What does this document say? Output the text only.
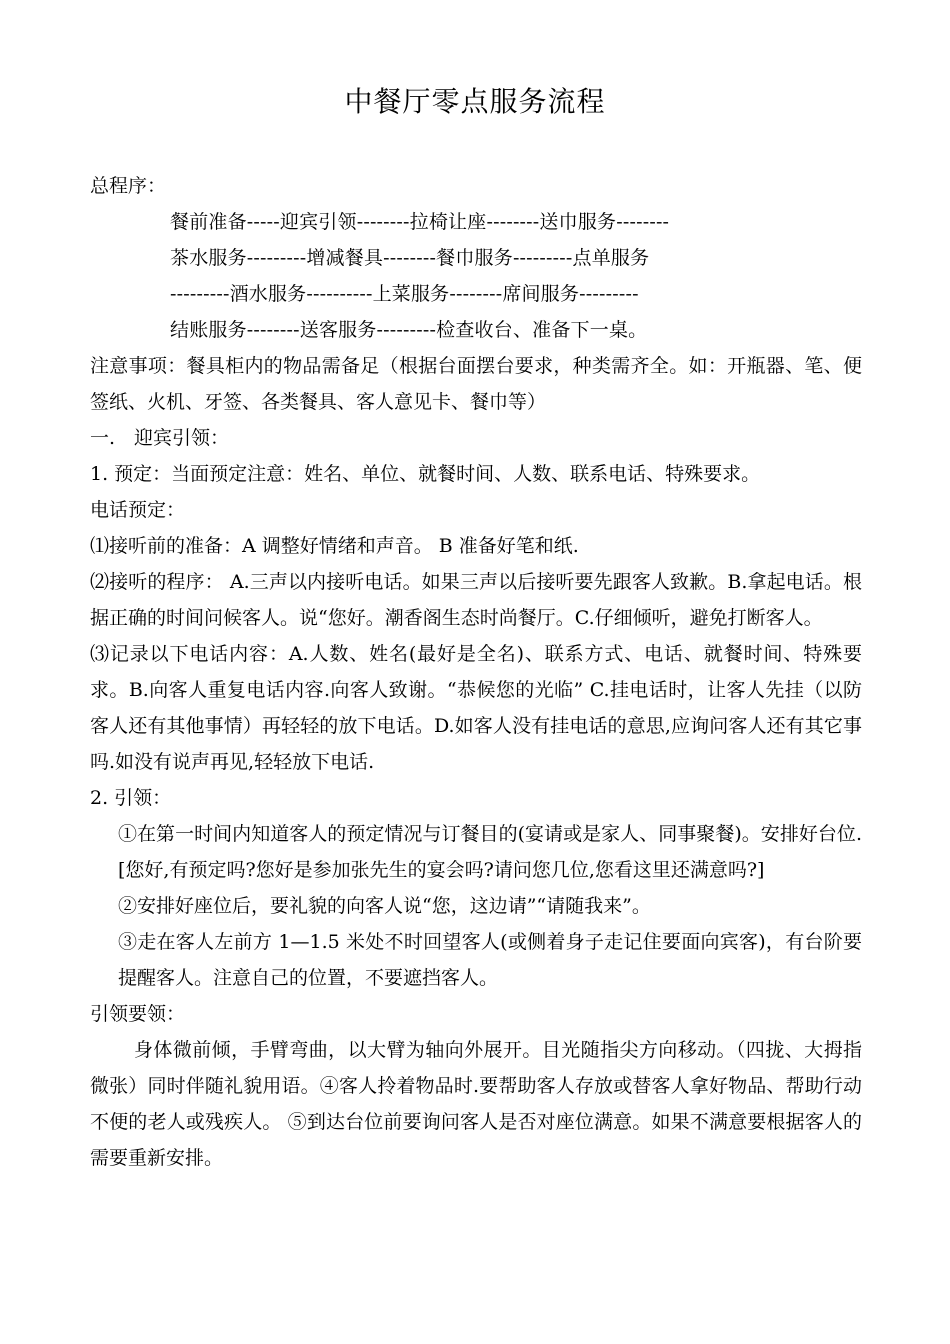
中餐厅零点服务流程

总程序：

餐前准备-----迎宾引领--------拉椅让座--------送巾服务--------

茶水服务---------增减餐具--------餐巾服务---------点单服务

---------酒水服务----------上菜服务--------席间服务---------

结账服务--------送客服务---------检查收台、准备下一桌。

注意事项：餐具柜内的物品需备足（根据台面摆台要求，种类需齐全。如：开瓶器、笔、便签纸、火机、牙签、各类餐具、客人意见卡、餐巾等）

一.　迎宾引领：

1. 预定：当面预定注意：姓名、单位、就餐时间、人数、联系电话、特殊要求。

电话预定：

⑴接听前的准备：A 调整好情绪和声音。 B 准备好笔和纸.

⑵接听的程序： A.三声以内接听电话。如果三声以后接听要先跟客人致歉。B.拿起电话。根据正确的时间问候客人。说“您好。潮香阁生态时尚餐厅。C.仔细倾听，避免打断客人。

⑶记录以下电话内容：A.人数、姓名(最好是全名)、联系方式、电话、就餐时间、特殊要求。B.向客人重复电话内容.向客人致谢。“恭候您的光临” C.挂电话时，让客人先挂（以防客人还有其他事情）再轻轻的放下电话。D.如客人没有挂电话的意思,应询问客人还有其它事吗.如没有说声再见,轻轻放下电话.

2. 引领：

①在第一时间内知道客人的预定情况与订餐目的(宴请或是家人、同事聚餐)。安排好台位.[您好,有预定吗?您好是参加张先生的宴会吗?请问您几位,您看这里还满意吗?]

②安排好座位后，要礼貌的向客人说“您，这边请”“请随我来”。

③走在客人左前方 1—1.5 米处不时回望客人(或侧着身子走记住要面向宾客)，有台阶要提醒客人。注意自己的位置，不要遮挡客人。

引领要领：

身体微前倾，手臂弯曲，以大臂为轴向外展开。目光随指尖方向移动。（四拢、大拇指微张）同时伴随礼貌用语。④客人拎着物品时.要帮助客人存放或替客人拿好物品、帮助行动不便的老人或残疾人。 ⑤到达台位前要询问客人是否对座位满意。如果不满意要根据客人的需要重新安排。
